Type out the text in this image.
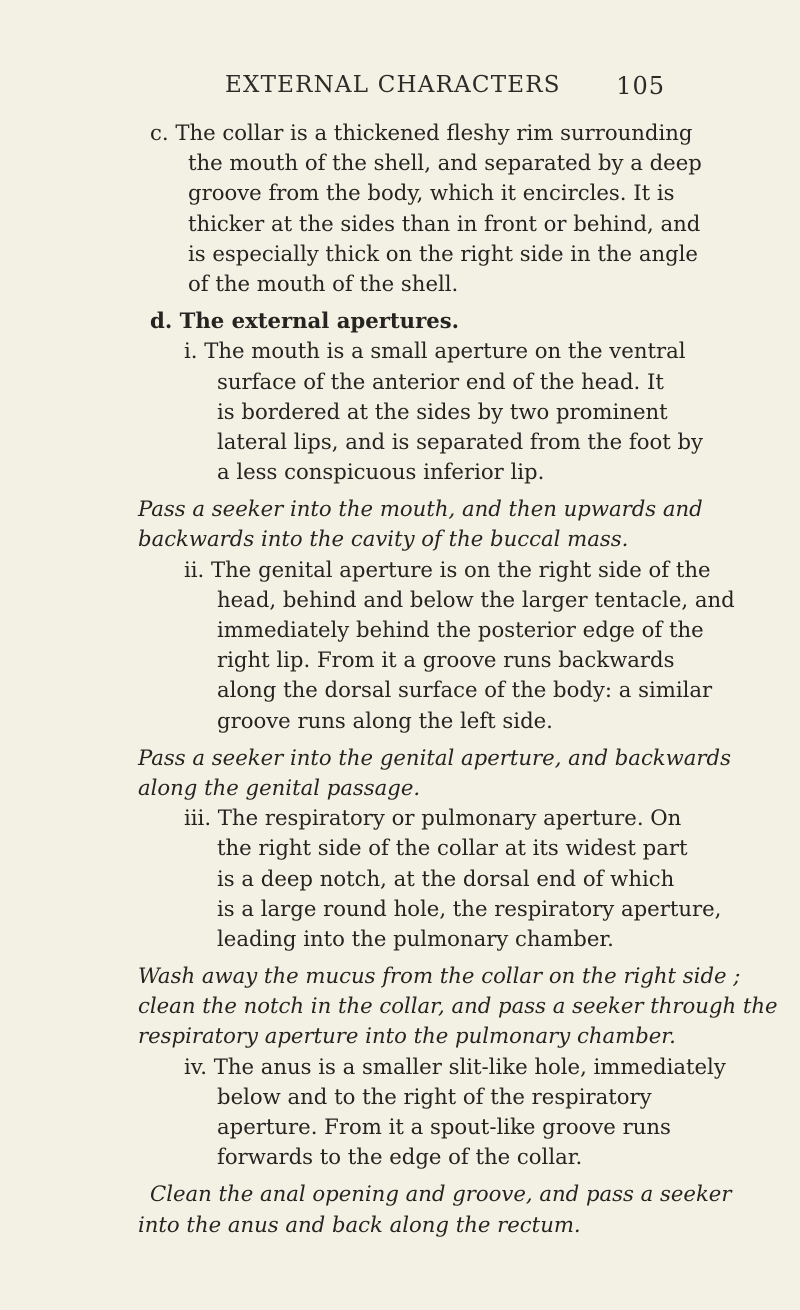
EXTERNAL CHARACTERS 105
c. The collar is a thickened fleshy rim surrounding
the mouth of the shell, and separated by a deep
groove from the body, which it encircles. It is
thicker at the sides than in front or behind, and
is especially thick on the right side in the angle
of the mouth of the shell.
d. The external apertures.
i. The mouth is a small aperture on the ventral
surface of the anterior end of the head. It
is bordered at the sides by two prominent
lateral lips, and is separated from the foot by
a less conspicuous inferior lip.
Pass a seeker into the mouth, and then upwards and
backwards into the cavity of the buccal mass.
ii. The genital aperture is on the right side of the
head, behind and below the larger tentacle, and
immediately behind the posterior edge of the
right lip. From it a groove runs backwards
along the dorsal surface of the body: a similar
groove runs along the left side.
Pass a seeker into the genital aperture, and backwards
along the genital passage.
iii. The respiratory or pulmonary aperture. On
the right side of the collar at its widest part
is a deep notch, at the dorsal end of which
is a large round hole, the respiratory aperture,
leading into the pulmonary chamber.
Wash away the mucus from the collar on the right side ;
clean the notch in the collar, and pass a seeker through the
respiratory aperture into the pulmonary chamber.
iv. The anus is a smaller slit-like hole, immediately
below and to the right of the respiratory
aperture. From it a spout-like groove runs
forwards to the edge of the collar.
Clean the anal opening and groove, and pass a seeker
into the anus and back along the rectum.
